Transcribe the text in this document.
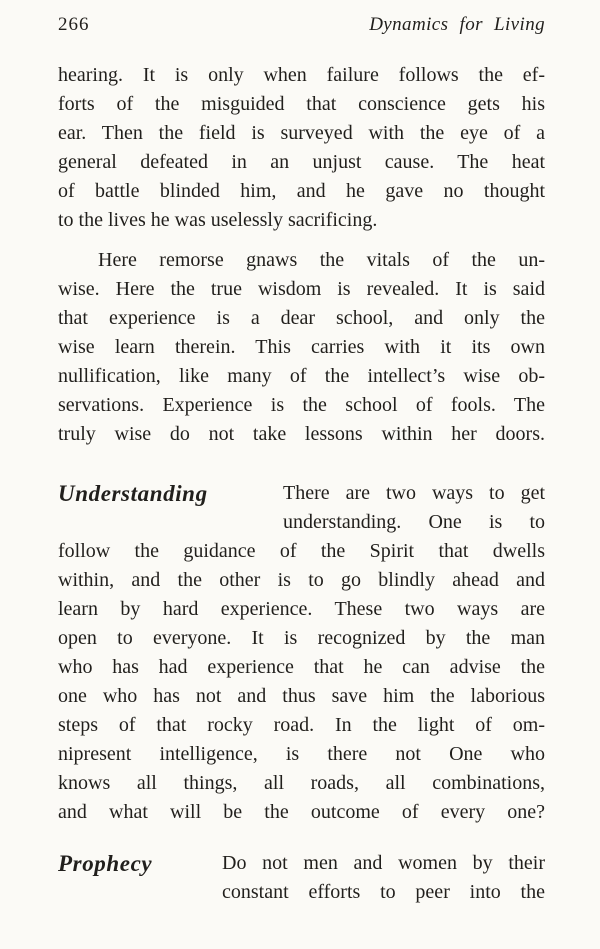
266	Dynamics for Living
hearing. It is only when failure follows the ef-
forts of the misguided that conscience gets his
ear. Then the field is surveyed with the eye of a
general defeated in an unjust cause. The heat
of battle blinded him, and he gave no thought
to the lives he was uselessly sacrificing.
Here remorse gnaws the vitals of the un-
wise. Here the true wisdom is revealed. It is said
that experience is a dear school, and only the
wise learn therein. This carries with it its own
nullification, like many of the intellect’s wise ob-
servations. Experience is the school of fools. The
truly wise do not take lessons within her doors.
Understanding	There are two ways to get
understanding. One is to
follow the guidance of the Spirit that dwells
within, and the other is to go blindly ahead and
learn by hard experience. These two ways are
open to everyone. It is recognized by the man
who has had experience that he can advise the
one who has not and thus save him the laborious
steps of that rocky road. In the light of om-
nipresent intelligence, is there not One who
knows all things, all roads, all combinations,
and what will be the outcome of every one?
Prophecy	Do not men and women by their
constant efforts to peer into the
